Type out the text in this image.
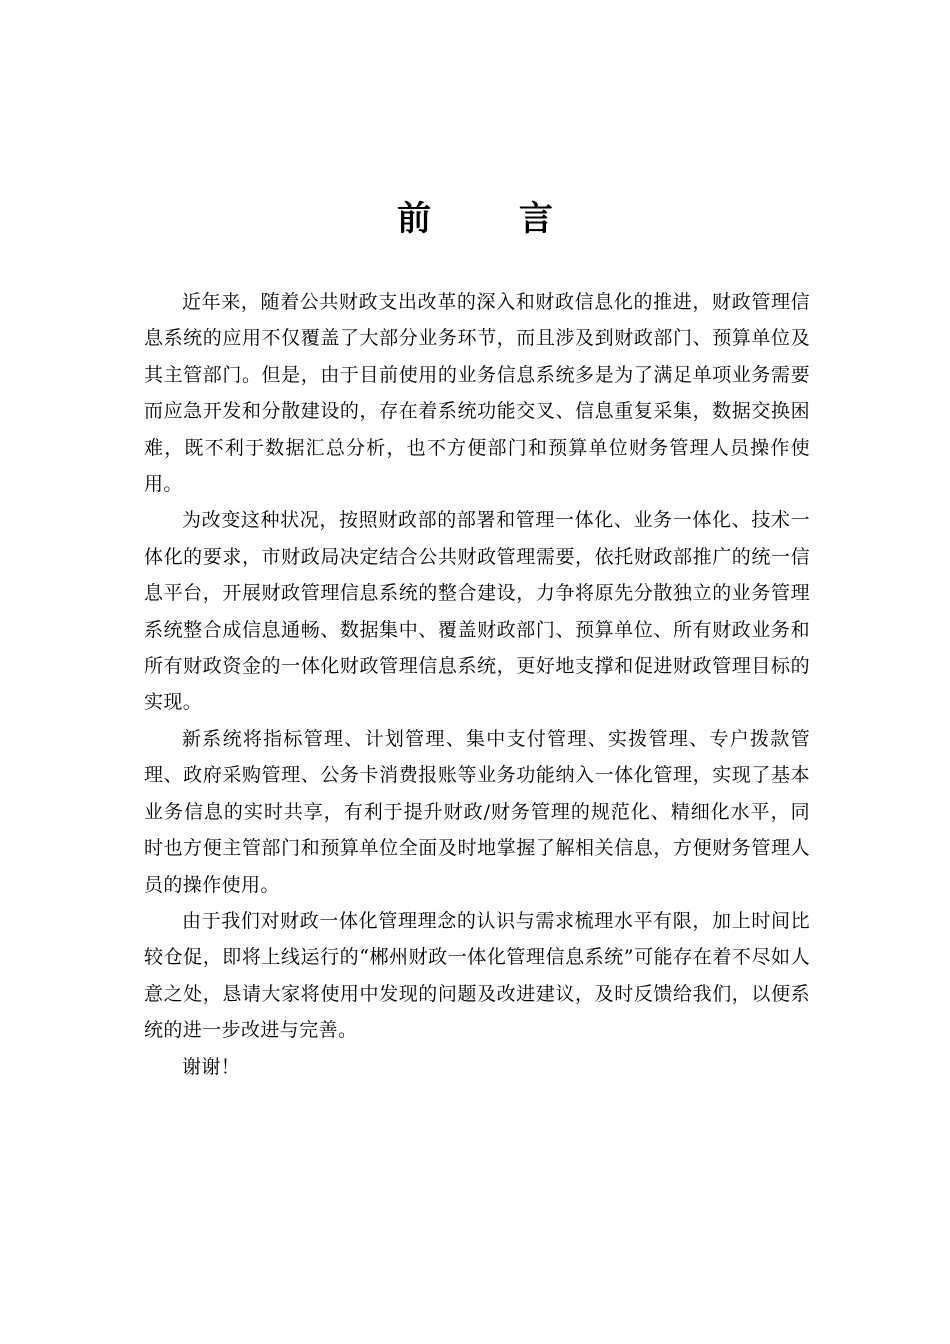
前 言

近年来，随着公共财政支出改革的深入和财政信息化的推进，财政管理信息系统的应用不仅覆盖了大部分业务环节，而且涉及到财政部门、预算单位及其主管部门。但是，由于目前使用的业务信息系统多是为了满足单项业务需要而应急开发和分散建设的，存在着系统功能交叉、信息重复采集，数据交换困难，既不利于数据汇总分析，也不方便部门和预算单位财务管理人员操作使用。

为改变这种状况，按照财政部的部署和管理一体化、业务一体化、技术一体化的要求，市财政局决定结合公共财政管理需要，依托财政部推广的统一信息平台，开展财政管理信息系统的整合建设，力争将原先分散独立的业务管理系统整合成信息通畅、数据集中、覆盖财政部门、预算单位、所有财政业务和所有财政资金的一体化财政管理信息系统，更好地支撑和促进财政管理目标的实现。

新系统将指标管理、计划管理、集中支付管理、实拨管理、专户拨款管理、政府采购管理、公务卡消费报账等业务功能纳入一体化管理，实现了基本业务信息的实时共享，有利于提升财政/财务管理的规范化、精细化水平，同时也方便主管部门和预算单位全面及时地掌握了解相关信息，方便财务管理人员的操作使用。

由于我们对财政一体化管理理念的认识与需求梳理水平有限，加上时间比较仓促，即将上线运行的“郴州财政一体化管理信息系统”可能存在着不尽如人意之处，恳请大家将使用中发现的问题及改进建议，及时反馈给我们，以便系统的进一步改进与完善。

谢谢！
